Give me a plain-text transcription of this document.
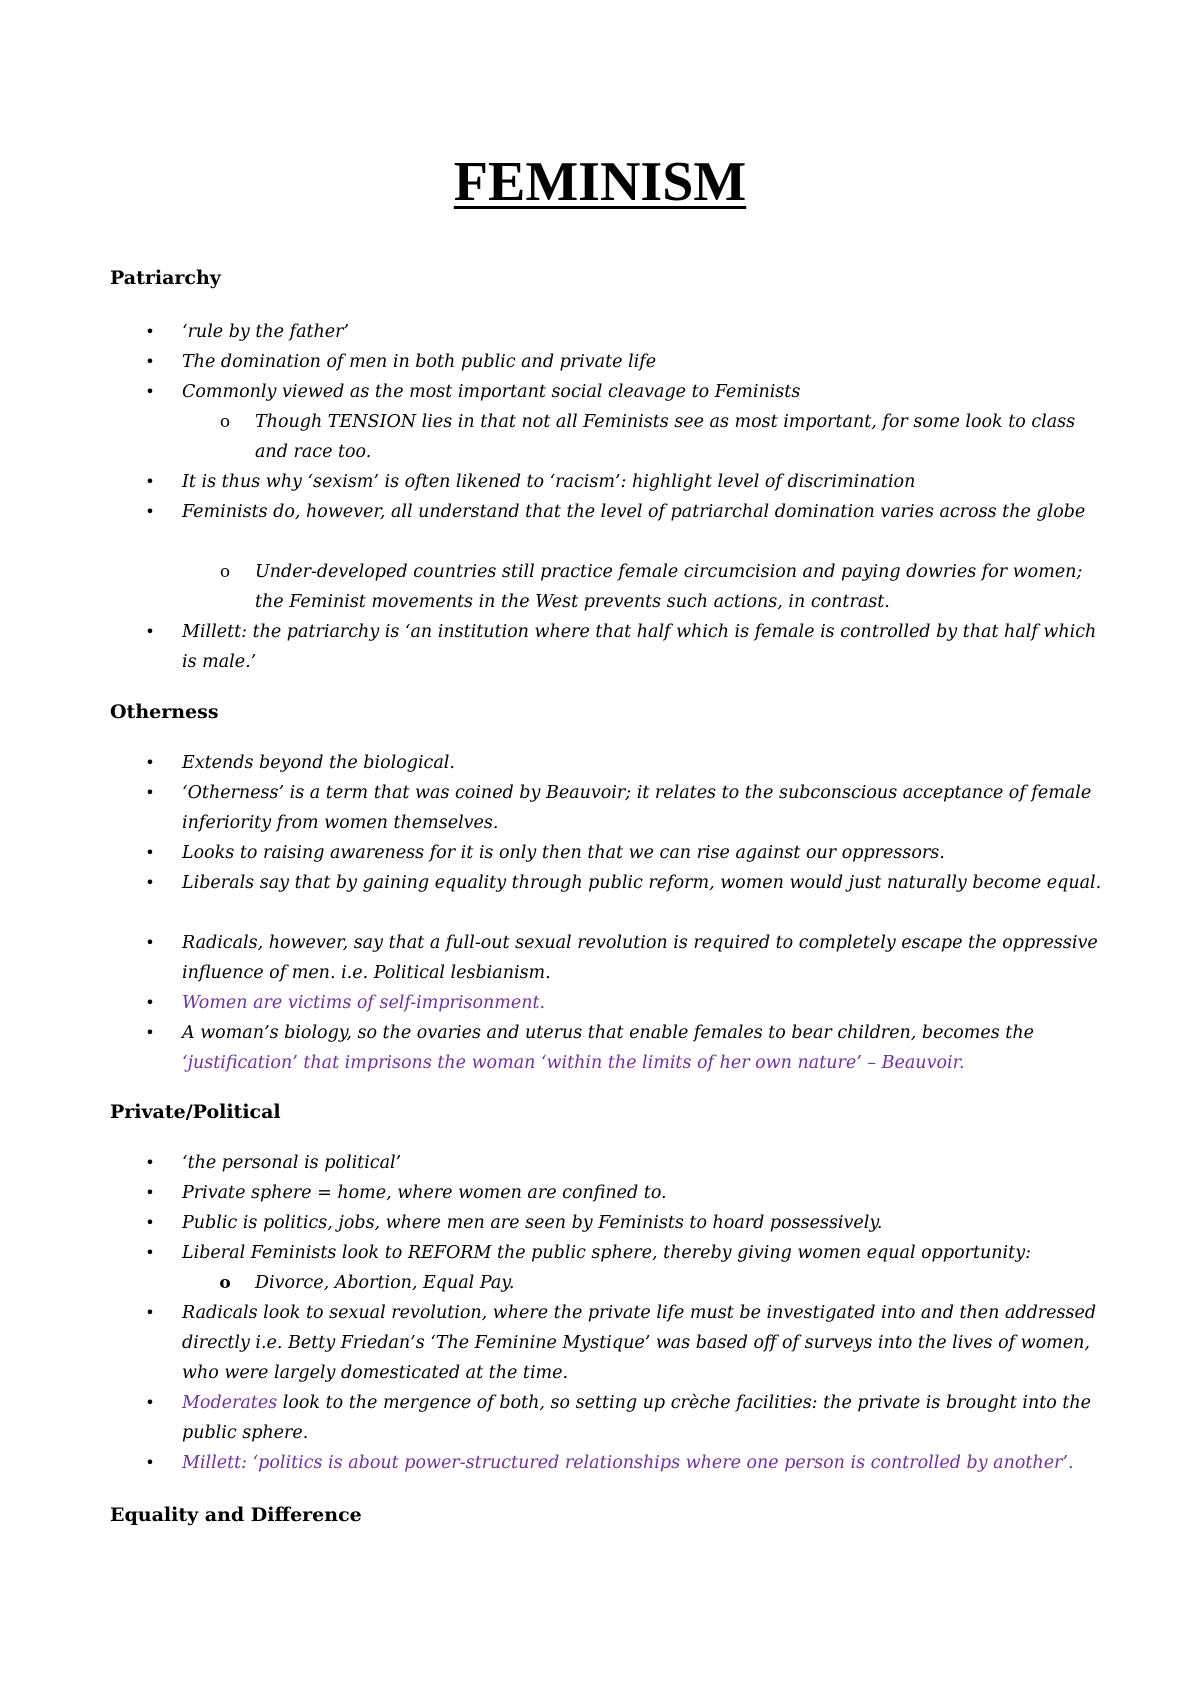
FEMINISM
Patriarchy

• ‘rule by the father’

• The domination of men in both public and private life

• Commonly viewed as the most important social cleavage to Feminists

o Though TENSION lies in that not all Feminists see as most important, for some look to class and race too.

• It is thus why ‘sexism’ is often likened to ‘racism’: highlight level of discrimination

• Feminists do, however, all understand that the level of patriarchal domination varies across the globe

o Under-developed countries still practice female circumcision and paying dowries for women; the Feminist movements in the West prevents such actions, in contrast.

• Millett: the patriarchy is ‘an institution where that half which is female is controlled by that half which is male.’

Otherness

• Extends beyond the biological.

• ‘Otherness’ is a term that was coined by Beauvoir; it relates to the subconscious acceptance of female inferiority from women themselves.

• Looks to raising awareness for it is only then that we can rise against our oppressors.

• Liberals say that by gaining equality through public reform, women would just naturally become equal.

• Radicals, however, say that a full-out sexual revolution is required to completely escape the oppressive influence of men. i.e. Political lesbianism.

• Women are victims of self-imprisonment.

• A woman’s biology, so the ovaries and uterus that enable females to bear children, becomes the ‘justification’ that imprisons the woman ‘within the limits of her own nature’ – Beauvoir.

Private/Political

• ‘the personal is political’

• Private sphere = home, where women are confined to.

• Public is politics, jobs, where men are seen by Feminists to hoard possessively.

• Liberal Feminists look to REFORM the public sphere, thereby giving women equal opportunity:

o Divorce, Abortion, Equal Pay.

• Radicals look to sexual revolution, where the private life must be investigated into and then addressed directly i.e. Betty Friedan’s ‘The Feminine Mystique’ was based off of surveys into the lives of women, who were largely domesticated at the time.

• Moderates look to the mergence of both, so setting up crèche facilities: the private is brought into the public sphere.

• Millett: ‘politics is about power-structured relationships where one person is controlled by another’.

Equality and Difference
